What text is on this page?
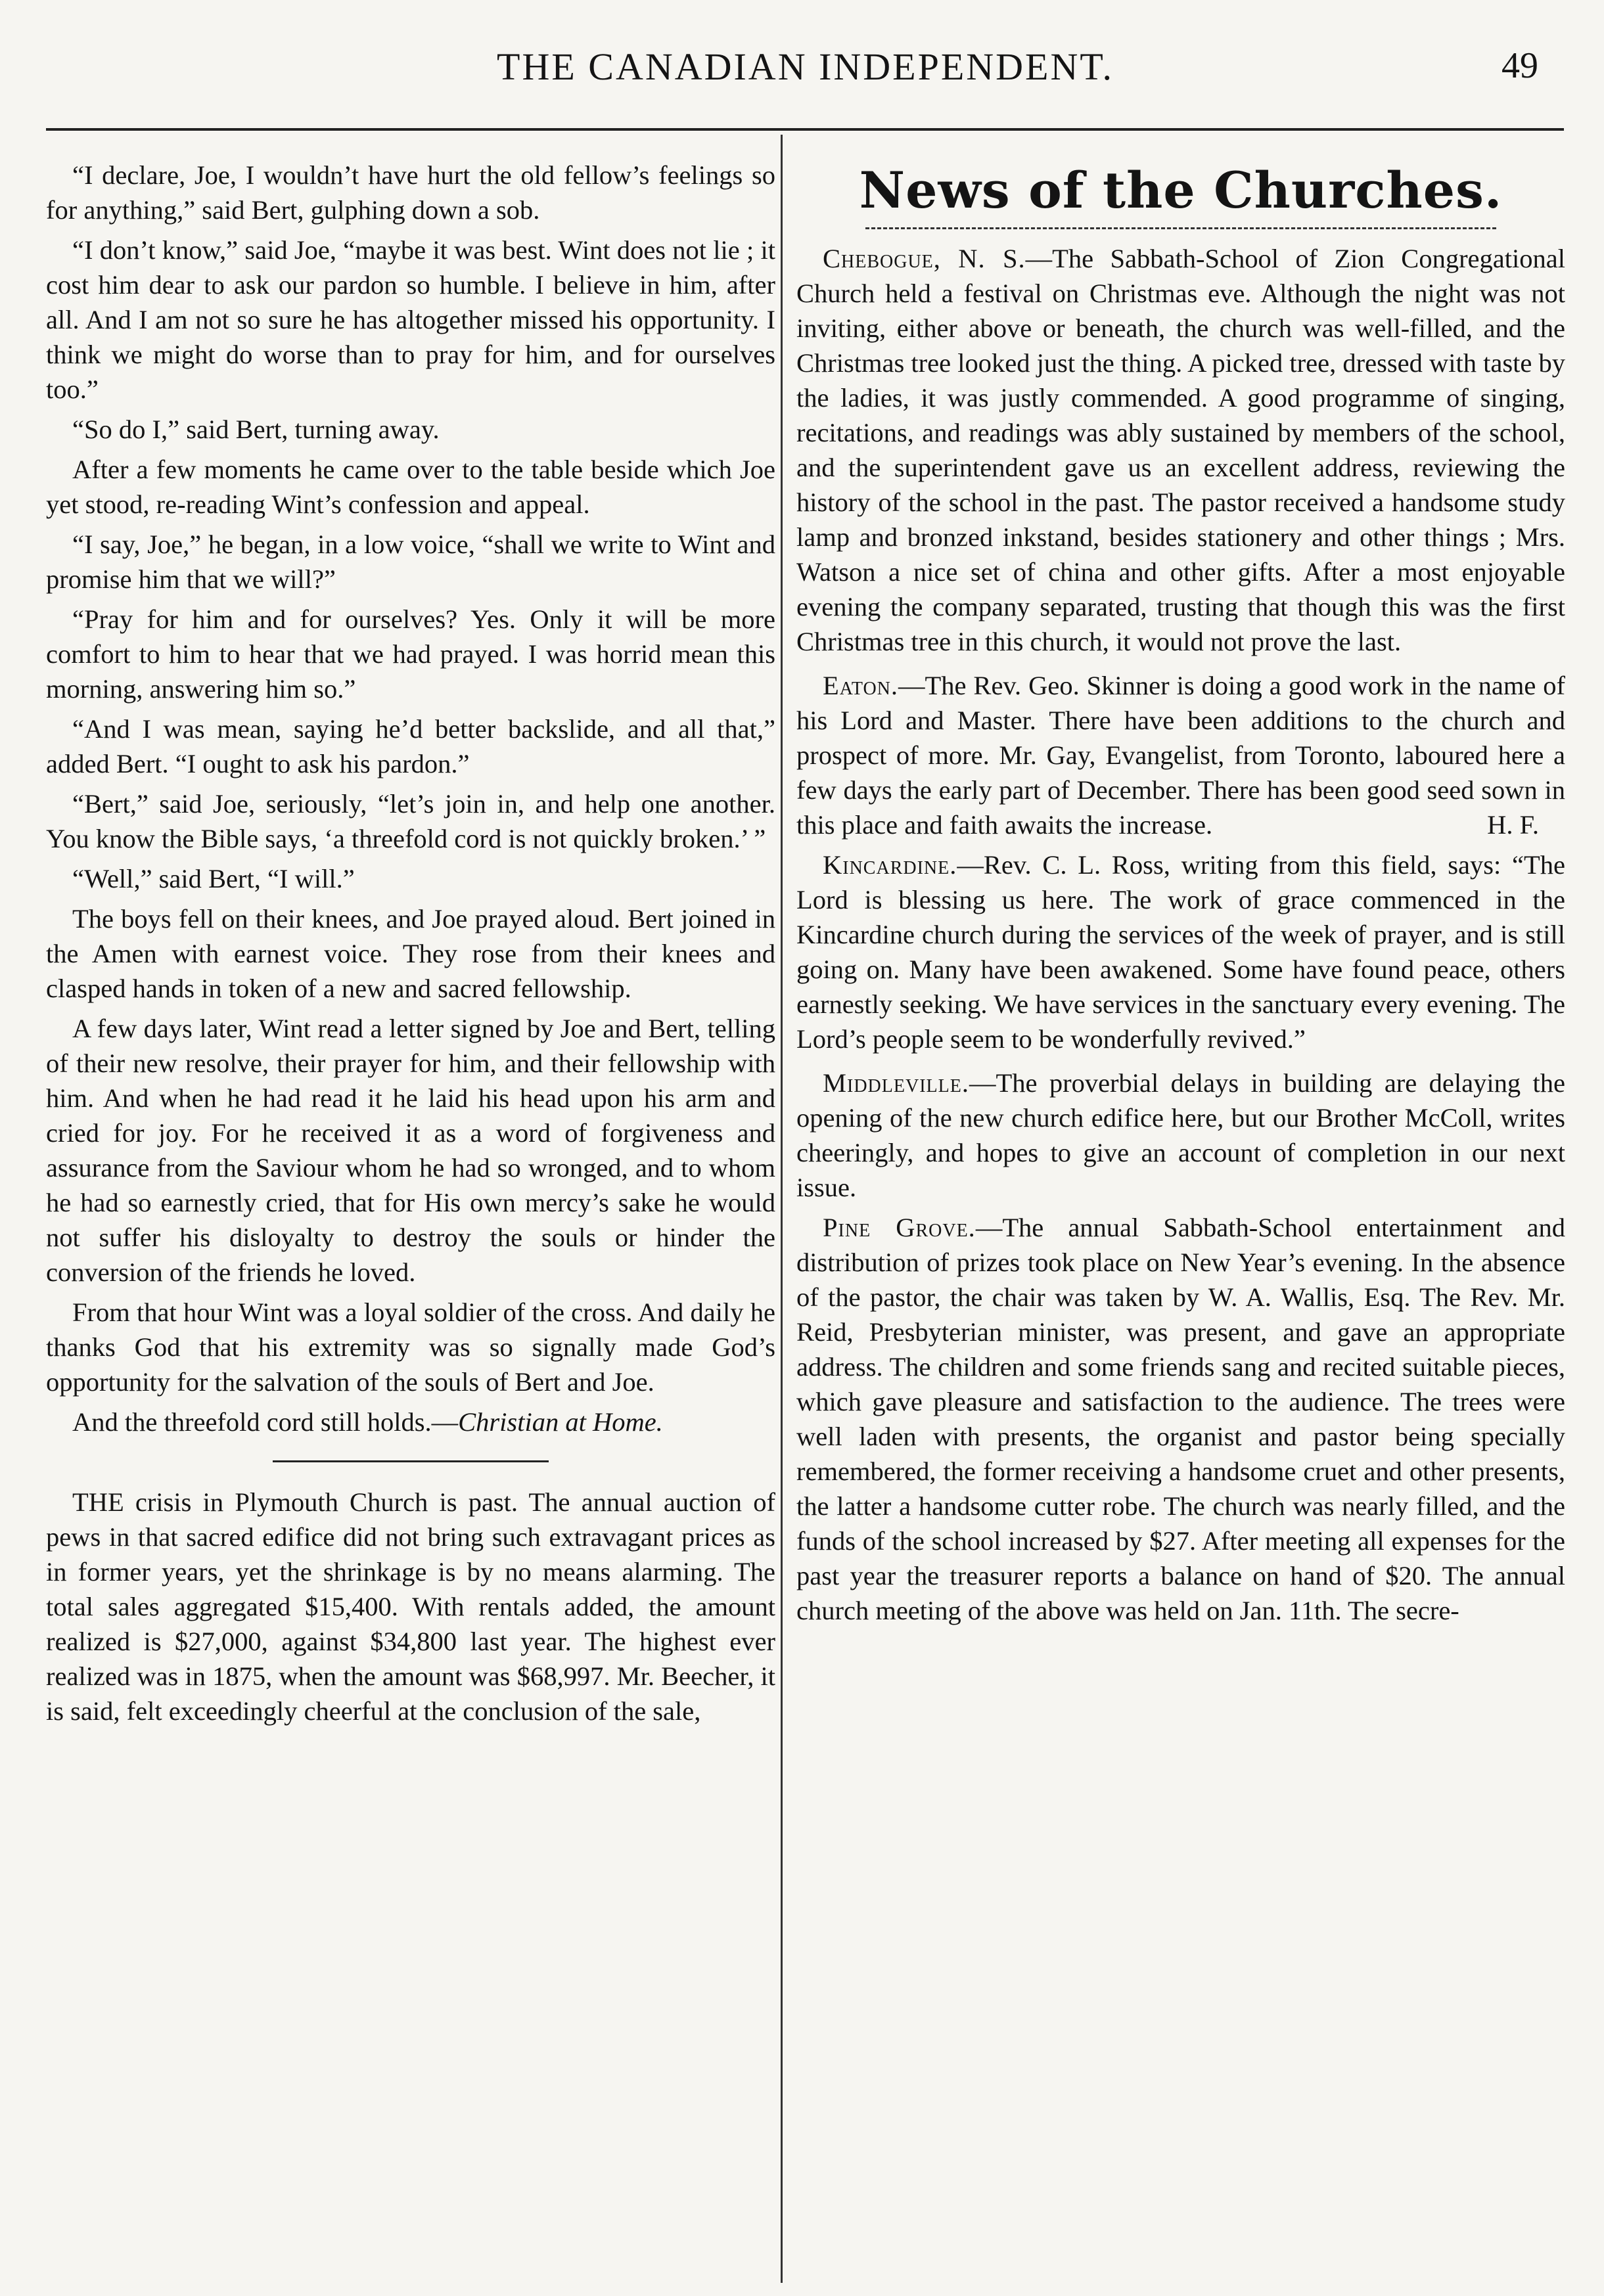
THE CANADIAN INDEPENDENT.	49

“I declare, Joe, I wouldn’t have hurt the old fellow’s feelings so for anything,” said Bert, gulphing down a sob.

“I don’t know,” said Joe, “maybe it was best. Wint does not lie ; it cost him dear to ask our pardon so humble. I believe in him, after all. And I am not so sure he has altogether missed his opportunity. I think we might do worse than to pray for him, and for ourselves too.”

“So do I,” said Bert, turning away.

After a few moments he came over to the table beside which Joe yet stood, re-reading Wint’s confession and appeal.

“I say, Joe,” he began, in a low voice, “shall we write to Wint and promise him that we will?”

“Pray for him and for ourselves? Yes. Only it will be more comfort to him to hear that we had prayed. I was horrid mean this morning, answering him so.”

“And I was mean, saying he’d better backslide, and all that,” added Bert. “I ought to ask his pardon.”

“Bert,” said Joe, seriously, “let’s join in, and help one another. You know the Bible says, ‘a threefold cord is not quickly broken.’ ”

“Well,” said Bert, “I will.”

The boys fell on their knees, and Joe prayed aloud. Bert joined in the Amen with earnest voice. They rose from their knees and clasped hands in token of a new and sacred fellowship.

A few days later, Wint read a letter signed by Joe and Bert, telling of their new resolve, their prayer for him, and their fellowship with him. And when he had read it he laid his head upon his arm and cried for joy. For he received it as a word of forgiveness and assurance from the Saviour whom he had so wronged, and to whom he had so earnestly cried, that for His own mercy’s sake he would not suffer his disloyalty to destroy the souls or hinder the conversion of the friends he loved.

From that hour Wint was a loyal soldier of the cross. And daily he thanks God that his extremity was so signally made God’s opportunity for the salvation of the souls of Bert and Joe.

And the threefold cord still holds.—Christian at Home.

THE crisis in Plymouth Church is past. The annual auction of pews in that sacred edifice did not bring such extravagant prices as in former years, yet the shrinkage is by no means alarming. The total sales aggregated $15,400. With rentals added, the amount realized is $27,000, against $34,800 last year. The highest ever realized was in 1875, when the amount was $68,997. Mr. Beecher, it is said, felt exceedingly cheerful at the conclusion of the sale,

News of the Churches.

Chebogue, N. S.—The Sabbath-School of Zion Congregational Church held a festival on Christmas eve. Although the night was not inviting, either above or beneath, the church was well-filled, and the Christmas tree looked just the thing. A picked tree, dressed with taste by the ladies, it was justly commended. A good programme of singing, recitations, and readings was ably sustained by members of the school, and the superintendent gave us an excellent address, reviewing the history of the school in the past. The pastor received a handsome study lamp and bronzed inkstand, besides stationery and other things ; Mrs. Watson a nice set of china and other gifts. After a most enjoyable evening the company separated, trusting that though this was the first Christmas tree in this church, it would not prove the last.

Eaton.—The Rev. Geo. Skinner is doing a good work in the name of his Lord and Master. There have been additions to the church and prospect of more. Mr. Gay, Evangelist, from Toronto, laboured here a few days the early part of December. There has been good seed sown in this place and faith awaits the increase.	H. F.

Kincardine.—Rev. C. L. Ross, writing from this field, says: “The Lord is blessing us here. The work of grace commenced in the Kincardine church during the services of the week of prayer, and is still going on. Many have been awakened. Some have found peace, others earnestly seeking. We have services in the sanctuary every evening. The Lord’s people seem to be wonderfully revived.”

Middleville.—The proverbial delays in building are delaying the opening of the new church edifice here, but our Brother McColl, writes cheeringly, and hopes to give an account of completion in our next issue.

Pine Grove.—The annual Sabbath-School entertainment and distribution of prizes took place on New Year’s evening. In the absence of the pastor, the chair was taken by W. A. Wallis, Esq. The Rev. Mr. Reid, Presbyterian minister, was present, and gave an appropriate address. The children and some friends sang and recited suitable pieces, which gave pleasure and satisfaction to the audience. The trees were well laden with presents, the organist and pastor being specially remembered, the former receiving a handsome cruet and other presents, the latter a handsome cutter robe. The church was nearly filled, and the funds of the school increased by $27. After meeting all expenses for the past year the treasurer reports a balance on hand of $20. The annual church meeting of the above was held on Jan. 11th. The secre-
